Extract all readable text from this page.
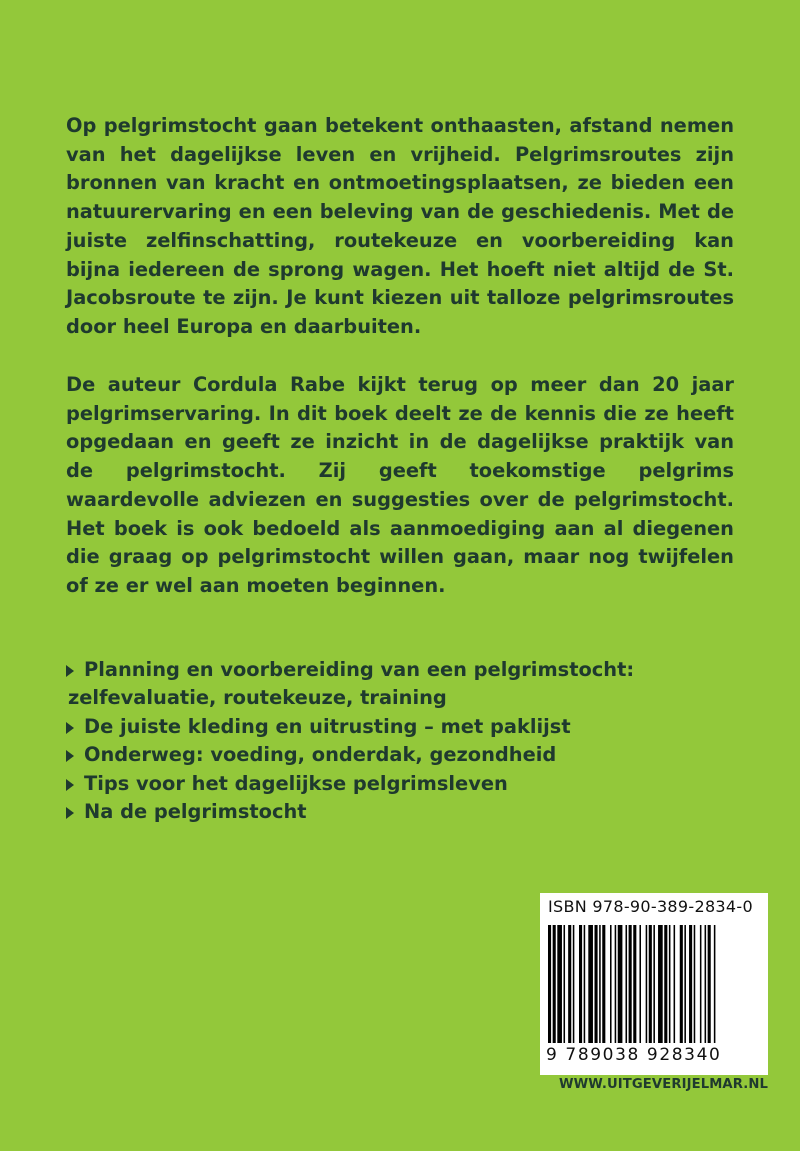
Op pelgrimstocht gaan betekent onthaasten, afstand nemen van het dagelijkse leven en vrijheid. Pelgrimsroutes zijn bronnen van kracht en ontmoetingsplaatsen, ze bieden een natuurervaring en een beleving van de geschiedenis. Met de juiste zelfinschatting, routekeuze en voorbereiding kan bijna iedereen de sprong wagen. Het hoeft niet altijd de St. Jacobsroute te zijn. Je kunt kiezen uit talloze pelgrimsroutes door heel Europa en daarbuiten.

De auteur Cordula Rabe kijkt terug op meer dan 20 jaar pelgrimservaring. In dit boek deelt ze de kennis die ze heeft opgedaan en geeft ze inzicht in de dagelijkse praktijk van de pelgrimstocht. Zij geeft toekomstige pelgrims waardevolle adviezen en suggesties over de pelgrimstocht. Het boek is ook bedoeld als aanmoediging aan al diegenen die graag op pelgrimstocht willen gaan, maar nog twijfelen of ze er wel aan moeten beginnen.

Planning en voorbereiding van een pelgrimstocht:
zelfevaluatie, routekeuze, training
De juiste kleding en uitrusting – met paklijst
Onderweg: voeding, onderdak, gezondheid
Tips voor het dagelijkse pelgrimsleven
Na de pelgrimstocht
ISBN 978-90-389-2834-0
9 789038 928340
WWW.UITGEVERIJELMAR.NL
